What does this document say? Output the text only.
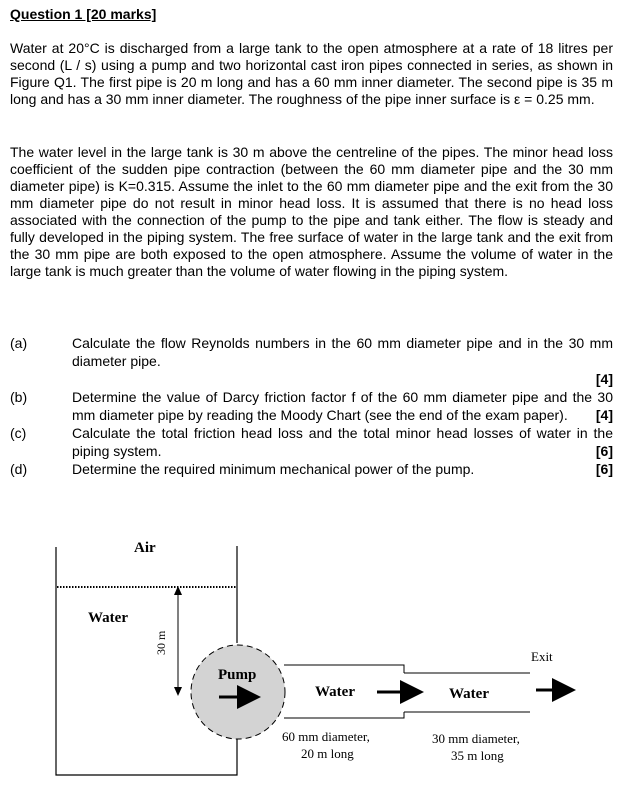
Question 1 [20 marks]

Water at 20°C is discharged from a large tank to the open atmosphere at a rate of 18 litres per second (L / s) using a pump and two horizontal cast iron pipes connected in series, as shown in Figure Q1. The first pipe is 20 m long and has a 60 mm inner diameter. The second pipe is 35 m long and has a 30 mm inner diameter. The roughness of the pipe inner surface is ε = 0.25 mm.

The water level in the large tank is 30 m above the centreline of the pipes. The minor head loss coefficient of the sudden pipe contraction (between the 60 mm diameter pipe and the 30 mm diameter pipe) is K=0.315. Assume the inlet to the 60 mm diameter pipe and the exit from the 30 mm diameter pipe do not result in minor head loss. It is assumed that there is no head loss associated with the connection of the pump to the pipe and tank either. The flow is steady and fully developed in the piping system. The free surface of water in the large tank and the exit from the 30 mm pipe are both exposed to the open atmosphere. Assume the volume of water in the large tank is much greater than the volume of water flowing in the piping system.

(a)	Calculate the flow Reynolds numbers in the 60 mm diameter pipe and in the 30 mm diameter pipe.

[4]
(b)	Determine the value of Darcy friction factor f of the 60 mm diameter pipe and the 30 mm diameter pipe by reading the Moody Chart (see the end of the exam paper). [4]
(c)	Calculate the total friction head loss and the total minor head losses of water in the piping system.	[6]
(d)	Determine the required minimum mechanical power of the pump.	[6]
Air
Water
30 m
Pump
Water	Water
Exit
60 mm diameter,
20 m long
30 mm diameter,
35 m long
